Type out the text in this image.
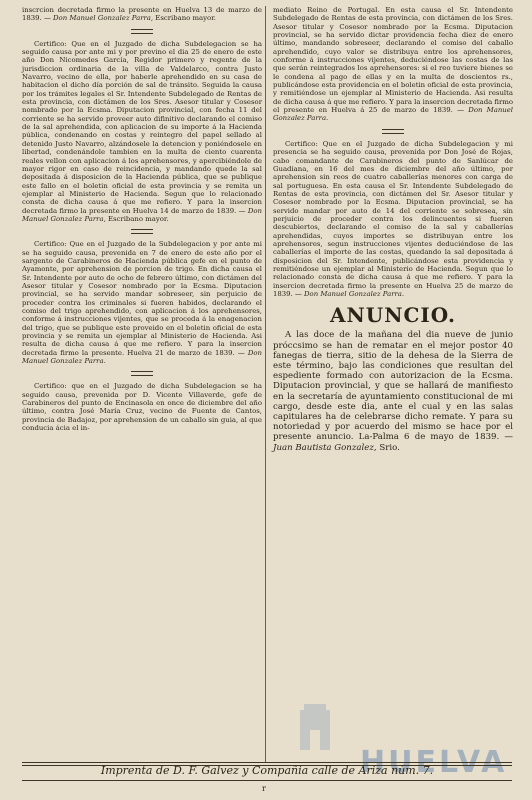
inscrcion decretada firmo la presente en Huelva 13 de marzo de 1839. — Don Manuel Gonzalez Parra, Escribano mayor.

Certifico: Que en el Juzgado de dicha Subdelegacion se ha seguido causa por ante mi y por previno el dia 25 de enero de este año Don Nicomedes García, Regidor primero y regente de la jurisdiccion ordinaria de la villa de Valdelarco, contra Justo Navarro, vecino de ella, por haberle aprehendido en su casa de habitacion el dicho día porción de sal de tránsito. Seguida la causa por los trámites legales el Sr. Intendente Subdelegado de Rentas de esta provincia, con dictámen de los Sres. Asesor titular y Cosesor nombrado por la Ecsma. Diputacion provincial, con fecha 11 del corriente se ha servido proveer auto difinitivo declarando el comiso de la sal aprehendida, con aplicacion de su importe á la Hacienda pública, condenando en costas y reintegro del papel sellado al detenido Justo Navarro, alzándosele la detencion y poniéndosele en libertad, condenándole tambien en la multa de ciento cuarenta reales vellon con aplicacion á los aprehensores, y apercibiéndole de mayor rigor en caso de reincidencia, y mandando quede la sal depositada á disposicion de la Hacienda pública, que se publique este fallo en el boletin oficial de esta provincia y se remita un ejemplar al Ministerio de Hacienda. Segun que lo relacionado consta de dicha causa á que me refiero. Y para la insercion decretada firmo la presente en Huelva 14 de marzo de 1839. — Don Manuel Gonzalez Parra, Escribano mayor.

Certifico: Que en el Juzgado de la Subdelegacion y por ante mi se ha seguido causa, prevenida en 7 de enero de este año por el sargento de Carabineros de Hacienda pública gefe en el punto de Ayamonte, por aprehension de porcion de trigo. En dicha causa el Sr. Intendente por auto de ocho de febrero último, con dictámen del Asesor titular y Cosesor nombrado por la Ecsma. Diputacion provincial, se ha servido mandar sobreseer, sin perjuicio de proceder contra los criminales si fueren habidos, declarando el comiso del trigo aprehendido, con aplicacion á los aprehensores, conforme á instrucciones vijentes, que se proceda á la enagenacion del trigo, que se publique este proveido en el boletin oficial de esta provincia y se remita un ejemplar al Ministerio de Hacienda. Asi resulta de dicha causa á que me refiero. Y para la insercion decretada firmo la presente. Huelva 21 de marzo de 1839. — Don Manuel Gonzalez Parra.

Certifico: que en el Juzgado de dicha Subdelegacion se ha seguido causa, prevenida por D. Vicente Villaverde, gefe de Carabineros del punto de Encinasola en once de diciembre del año último, contra José María Cruz, vecino de Fuente de Cantos, provincia de Badajoz, por aprehension de un caballo sin guia, al que conducia ácia el in-

mediato Reino de Portugal. En esta causa el Sr. Intendente Subdelegado de Rentas de esta provincia, con dictámen de los Sres. Asesor titular y Cosesor nombrado por la Ecsma. Diputacion provincial, se ha servido dictar providencia fecha diez de enero último, mandando sobreseer, declarando el comiso del caballo aprehendido, cuyo valor se distribuya entre los aprehensores, conforme á instrucciones vijentes, deduciéndose las costas de las que serán reintegrados los aprehensores: si el reo tuviere bienes se le condena al pago de ellas y en la multa de doscientos rs., publicándose esta providencia en el boletin oficial de esta provincia, y remitiéndose un ejemplar al Ministerio de Hacienda. Asi resulta de dicha causa á que me refiero. Y para la insercion decretada firmo el presente en Huelva á 25 de marzo de 1839. — Don Manuel Gonzalez Parra.

Certifico: Que en el Juzgado de dicha Subdelegacion y mi presencia se ha seguido causa, prevenida por Don José de Rojas, cabo comandante de Carabineros del punto de Sanlúcar de Guadiana, en 16 del mes de diciembre del año último, por aprehension sin reos de cuatro caballerías menores con carga de sal portuguesa. En esta causa el Sr. Intendente Subdelegado de Rentas de esta provincia, con dictámen del Sr. Asesor titular y Cosesor nombrado por la Ecsma. Diputacion provincial, se ha servido mandar por auto de 14 del corriente se sobresea, sin perjuicio de proceder contra los delincuentes si fueren descubiertos, declarando el comiso de la sal y caballerías aprehendidas, cuyos importes se distribuyan entre los aprehensores, segun instrucciones vijentes deduciéndose de las caballerías el importe de las costas, quedando la sal depositada á disposicion del Sr. Intendente, publicándose esta providencia y remitiéndose un ejemplar al Ministerio de Hacienda. Segun que lo relacionado consta de dicha causa á que me refiero. Y para la insercion decretada firmo la presente en Huelva 25 de marzo de 1839. — Don Manuel Gonzalez Parra.

ANUNCIO.

A las doce de la mañana del dia nueve de junio próccsimo se han de rematar en el mejor postor 40 fanegas de tierra, sitio de la dehesa de la Sierra de este término, bajo las condiciones que resultan del espediente formado con autorizacion de la Ecsma. Diputacion provincial, y que se hallará de manifiesto en la secretaría de ayuntamiento constitucional de mi cargo, desde este dia, ante el cual y en las salas capitulares ha de celebrarse dicho remate. Y para su notoriedad y por acuerdo del mismo se hace por el presente anuncio. La-Palma 6 de mayo de 1839. — Juan Bautista Gonzalez, Srio.

HUELVA
Imprenta de D. F. Galvez y Compañia calle de Ariza núm. 7.
r
